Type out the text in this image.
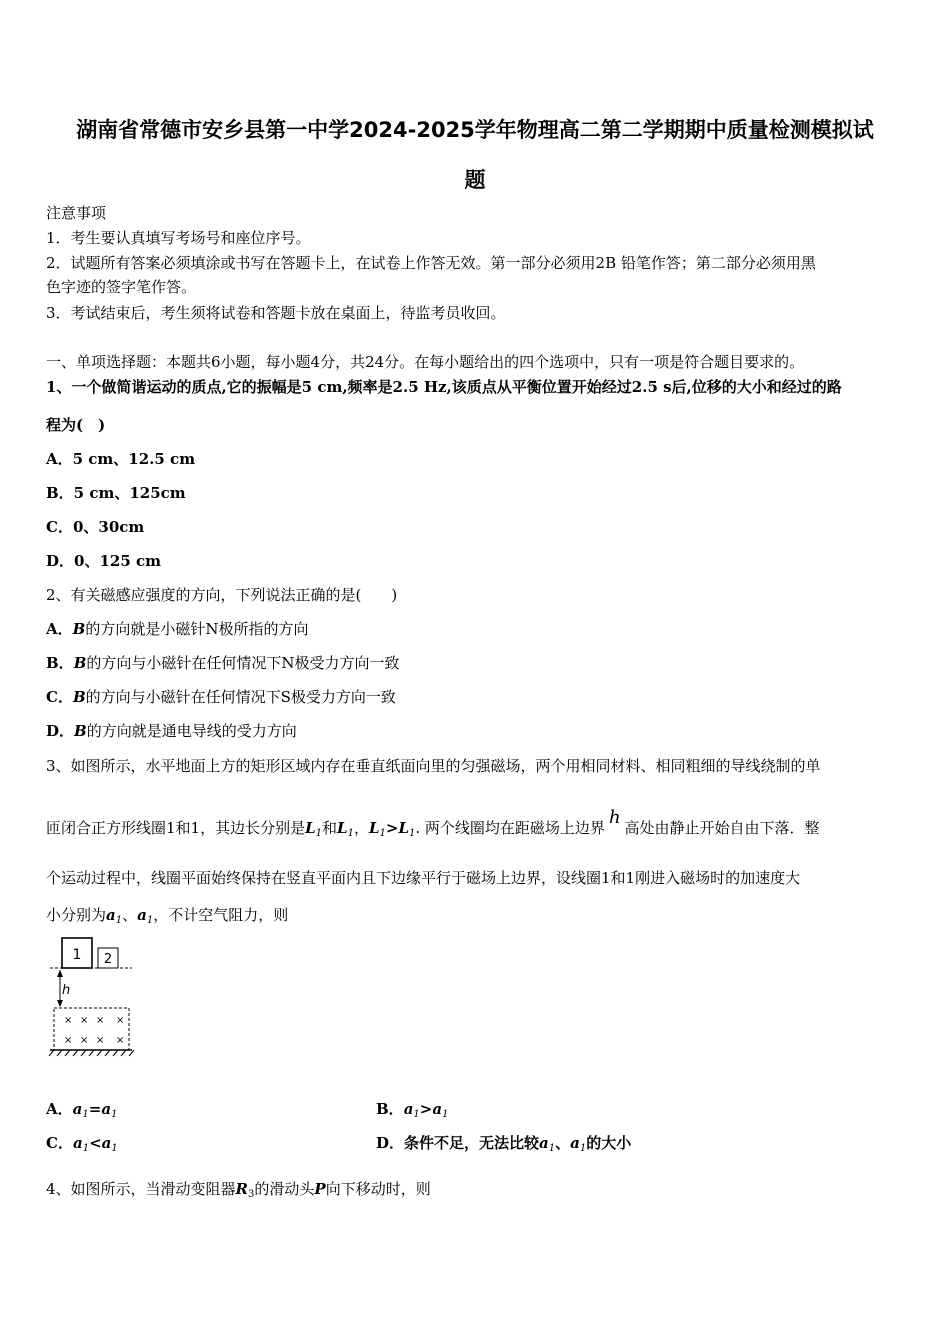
湖南省常德市安乡县第一中学2024-2025学年物理高二第二学期期中质量检测模拟试
题
注意事项
1．考生要认真填写考场号和座位序号。
2．试题所有答案必须填涂或书写在答题卡上，在试卷上作答无效。第一部分必须用2B 铅笔作答；第二部分必须用黑
色字迹的签字笔作答。
3．考试结束后，考生须将试卷和答题卡放在桌面上，待监考员收回。
一、单项选择题：本题共6小题，每小题4分，共24分。在每小题给出的四个选项中，只有一项是符合题目要求的。
1、一个做简谐运动的质点,它的振幅是5 cm,频率是2.5 Hz,该质点从平衡位置开始经过2.5 s后,位移的大小和经过的路
程为(　)
A．5 cm、12.5 cm
B．5 cm、125cm
C．0、30cm
D．0、125 cm
2、有关磁感应强度的方向，下列说法正确的是(　　)
A．B的方向就是小磁针N极所指的方向
B．B的方向与小磁针在任何情况下N极受力方向一致
C．B的方向与小磁针在任何情况下S极受力方向一致
D．B的方向就是通电导线的受力方向
3、如图所示，水平地面上方的矩形区域内存在垂直纸面向里的匀强磁场，两个用相同材料、相同粗细的导线绕制的单
匝闭合正方形线圈1和1，其边长分别是$L_1$和$L_1$，$L_1>L_1$. 两个线圈均在距磁场上边界 h 高处由静止开始自由下落．整
个运动过程中，线圈平面始终保持在竖直平面内且下边缘平行于磁场上边界，设线圈1和1刚进入磁场时的加速度大
小分别为$a_1$、$a_1$，不计空气阻力，则
1 2
h
× × × ×
× × × ×
A．$a_1=a_1$	B．$a_1>a_1$
C．$a_1<a_1$	D．条件不足，无法比较$a_1$、$a_1$的大小
4、如图所示，当滑动变阻器$R_3$的滑动头P向下移动时，则
